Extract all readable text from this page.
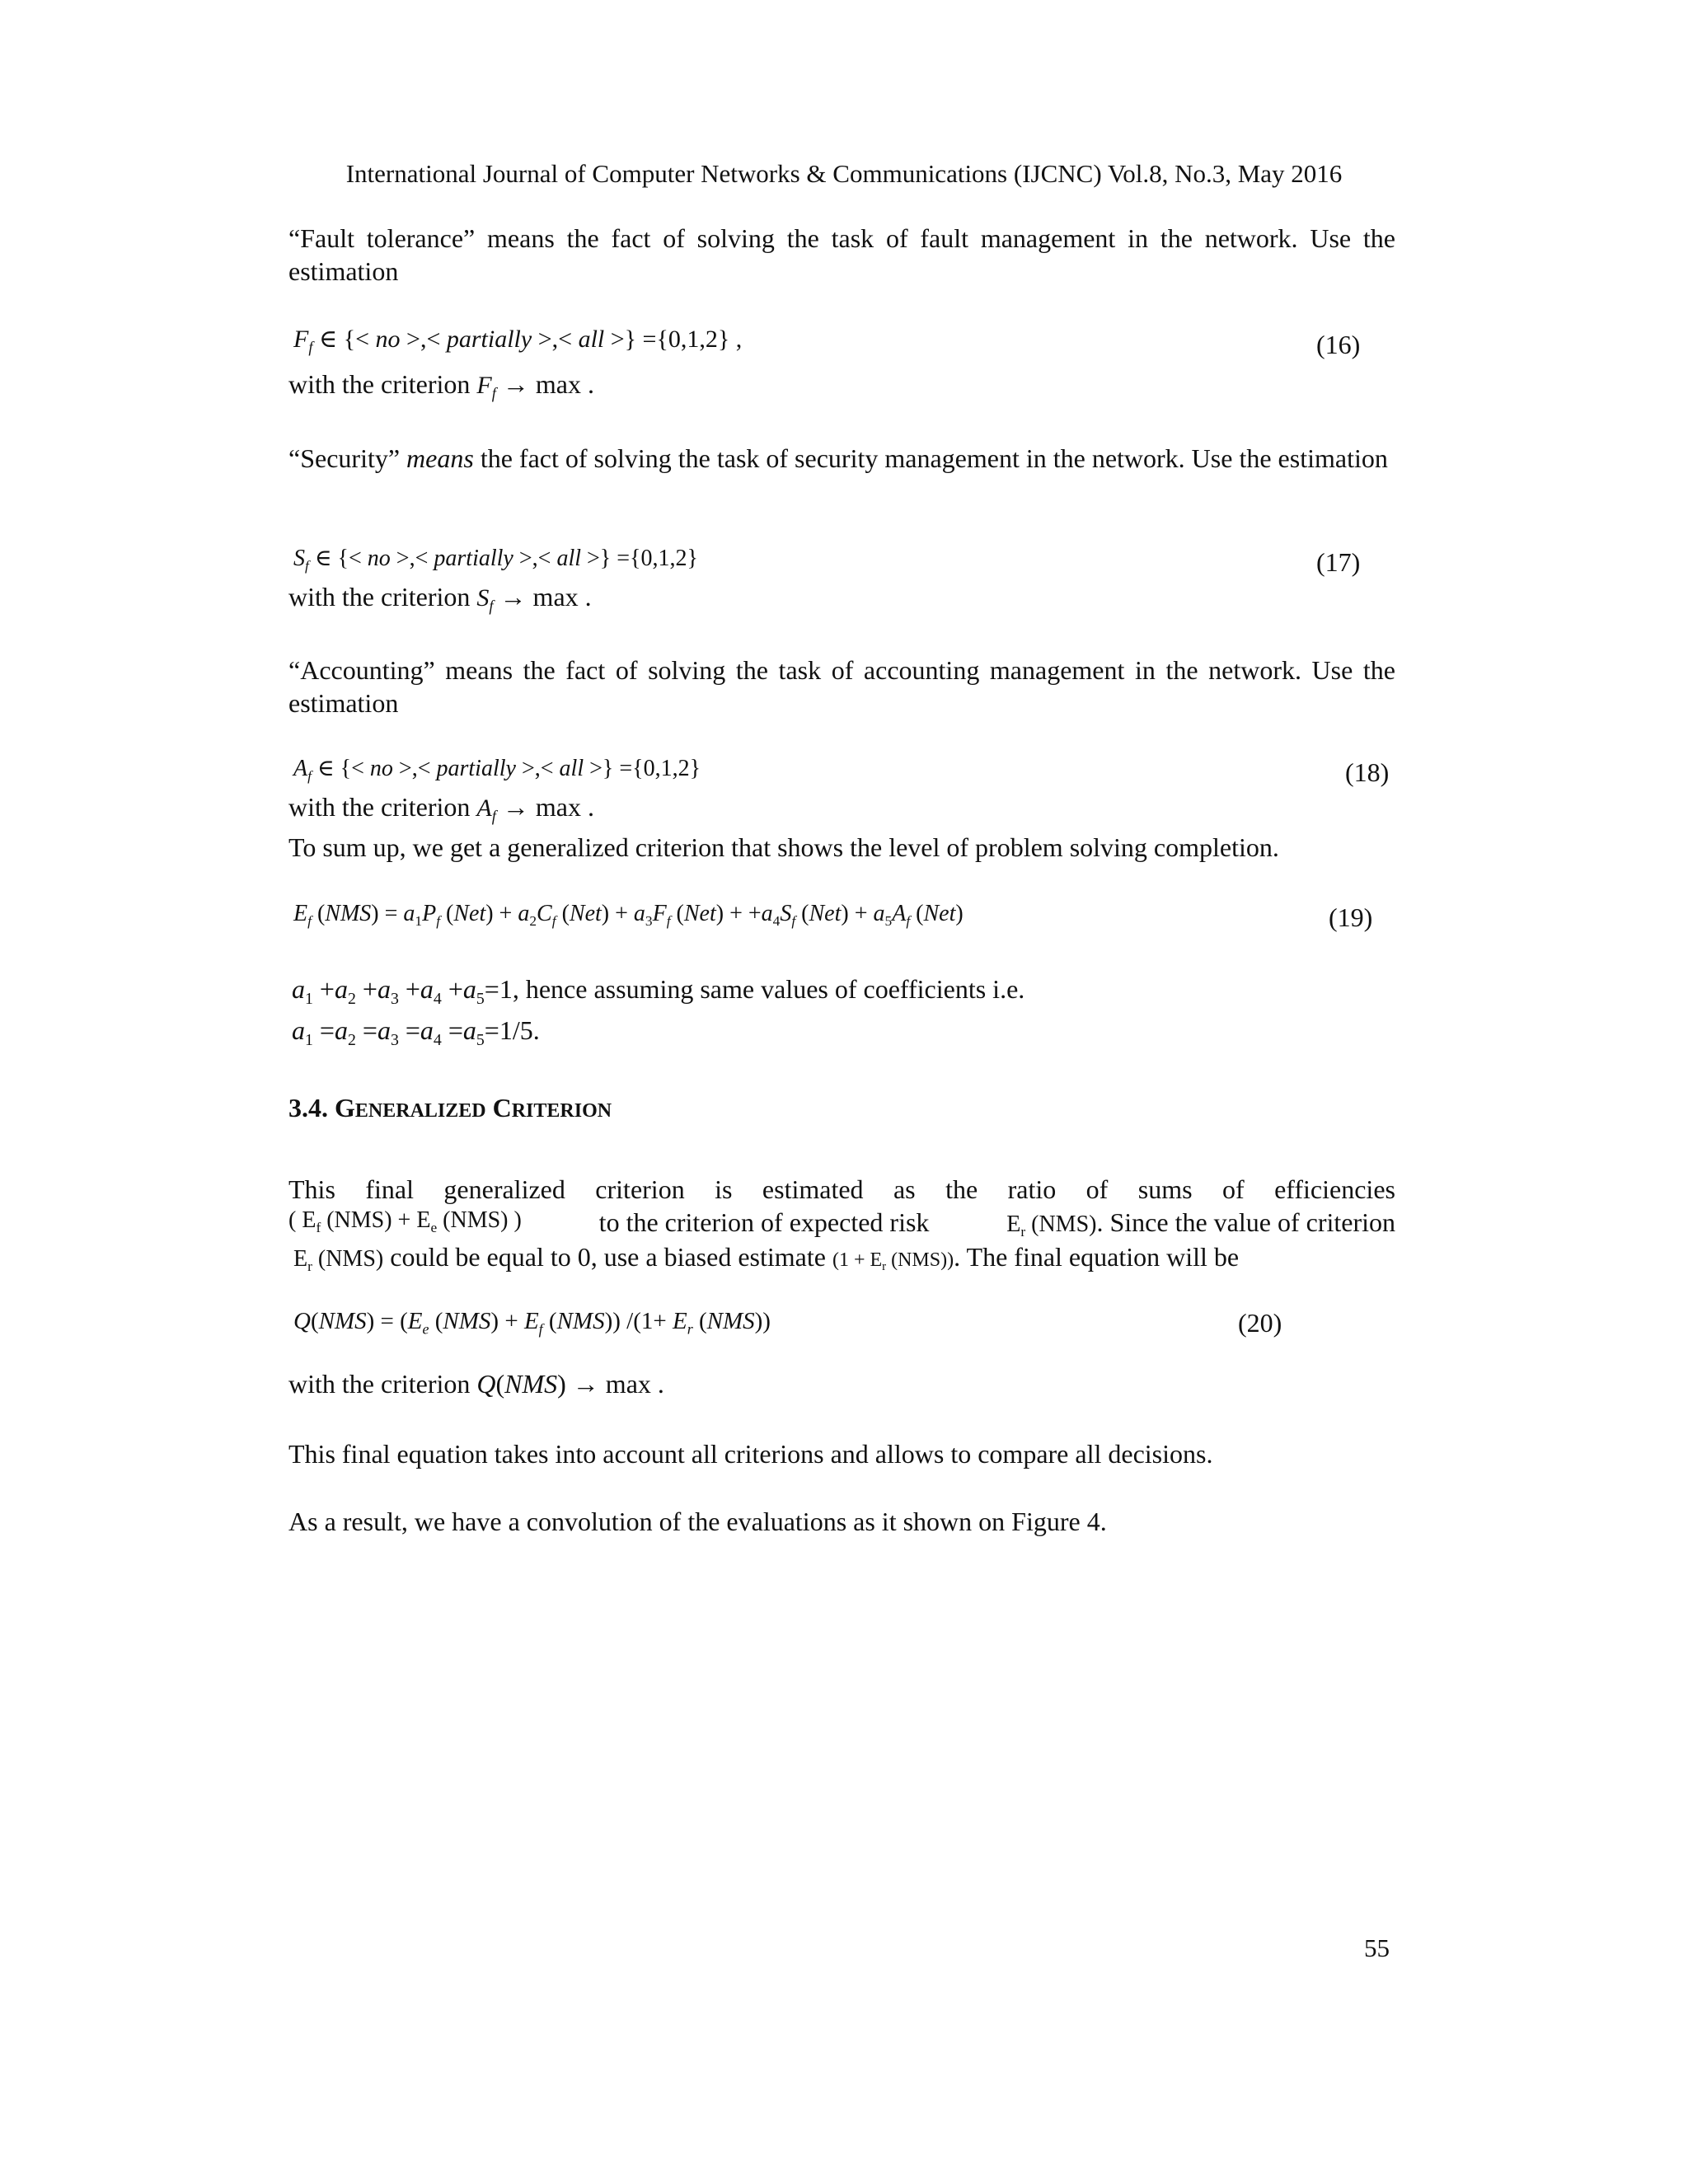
International Journal of Computer Networks & Communications (IJCNC) Vol.8, No.3, May 2016
“Fault tolerance” means the fact of solving the task of fault management in the network. Use the estimation
$F_f$ ∈ {< no >,< partially >,< all >} ={0,1,2} ,	(16)
with the criterion $F_f \to \max$ .
“Security” means the fact of solving the task of security management in the network. Use the estimation
$S_f$ ∈ {< no >,< partially >,< all >} ={0,1,2}	(17)
with the criterion $S_f \to \max$ .
“Accounting” means the fact of solving the task of accounting management in the network. Use the estimation
$A_f$ ∈ {< no >,< partially >,< all >} ={0,1,2}	(18)
with the criterion $A_f \to \max$ .
To sum up, we get a generalized criterion that shows the level of problem solving completion.
$E_f$ $(NMS) = a_1P_f$ $(Net) + a_2C_f$ $(Net) + a_3F_f$ $(Net) + +a_4S_f$ $(Net) + a_5A_f$ (Net)	(19)
$a_1 +a_2 +a_3 +a_4 +a_5=1$, hence assuming same values of coefficients i.e.
$a_1 =a_2 =a_3 =a_4 =a_5=1/5$.
3.4. GENERALIZED CRITERION
This final generalized criterion is estimated as the ratio of sums of efficiencies
( $E_f$ $(NMS) + E_e$ (NMS) )	to the criterion of expected risk	$E_r$ (NMS). Since the value of criterion
$E_r$ (NMS) could be equal to 0, use a biased estimate ($1 + E_r$ (NMS)). The final equation will be
$Q(NMS) = (E_e$ $(NMS) + E_f$ (NMS)) $/(1+ E_r$ (NMS))	(20)
with the criterion Q(NMS) → max .
This final equation takes into account all criterions and allows to compare all decisions.
As a result, we have a convolution of the evaluations as it shown on Figure 4.
55
